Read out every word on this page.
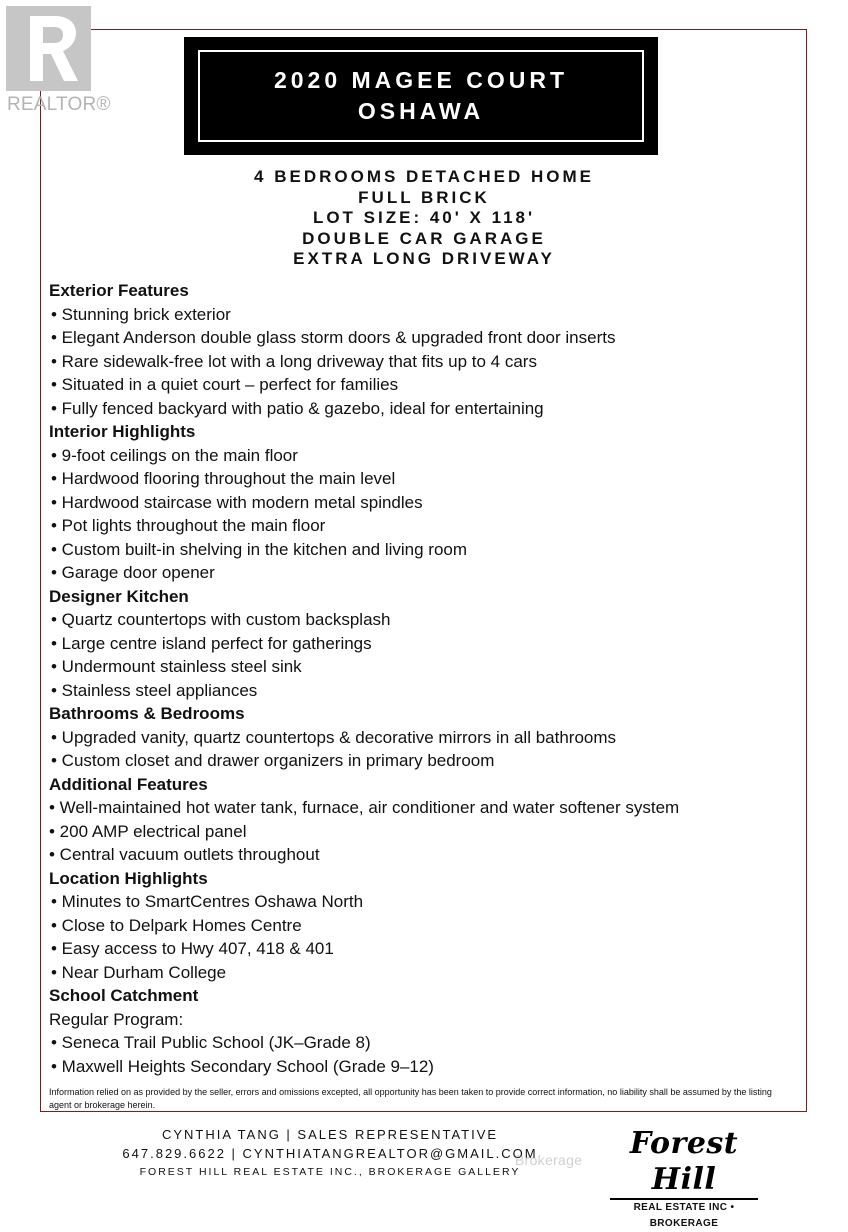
REALTOR®
2020 MAGEE COURT
OSHAWA
4 BEDROOMS DETACHED HOME
FULL BRICK
LOT SIZE: 40' X 118'
DOUBLE CAR GARAGE
EXTRA LONG DRIVEWAY
Exterior Features
• Stunning brick exterior
• Elegant Anderson double glass storm doors & upgraded front door inserts
• Rare sidewalk-free lot with a long driveway that fits up to 4 cars
• Situated in a quiet court – perfect for families
• Fully fenced backyard with patio & gazebo, ideal for entertaining
Interior Highlights
• 9-foot ceilings on the main floor
• Hardwood flooring throughout the main level
• Hardwood staircase with modern metal spindles
• Pot lights throughout the main floor
• Custom built-in shelving in the kitchen and living room
• Garage door opener
Designer Kitchen
• Quartz countertops with custom backsplash
• Large centre island perfect for gatherings
• Undermount stainless steel sink
• Stainless steel appliances
Bathrooms & Bedrooms
• Upgraded vanity, quartz countertops & decorative mirrors in all bathrooms
• Custom closet and drawer organizers in primary bedroom
Additional Features
• Well-maintained hot water tank, furnace, air conditioner and water softener system
• 200 AMP electrical panel
• Central vacuum outlets throughout
Location Highlights
• Minutes to SmartCentres Oshawa North
• Close to Delpark Homes Centre
• Easy access to Hwy 407, 418 & 401
• Near Durham College
School Catchment
Regular Program:
• Seneca Trail Public School (JK–Grade 8)
• Maxwell Heights Secondary School (Grade 9–12)
Information relied on as provided by the seller, errors and omissions excepted, all opportunity has been taken to provide correct information, no liability shall be assumed by the listing agent or brokerage herein.
CYNTHIA TANG | SALES REPRESENTATIVE
647.829.6622 | CYNTHIATANGREALTOR@GMAIL.COM
FOREST HILL REAL ESTATE INC., BROKERAGE GALLERY
Brokerage	Forest Hill
REAL ESTATE INC • BROKERAGE
